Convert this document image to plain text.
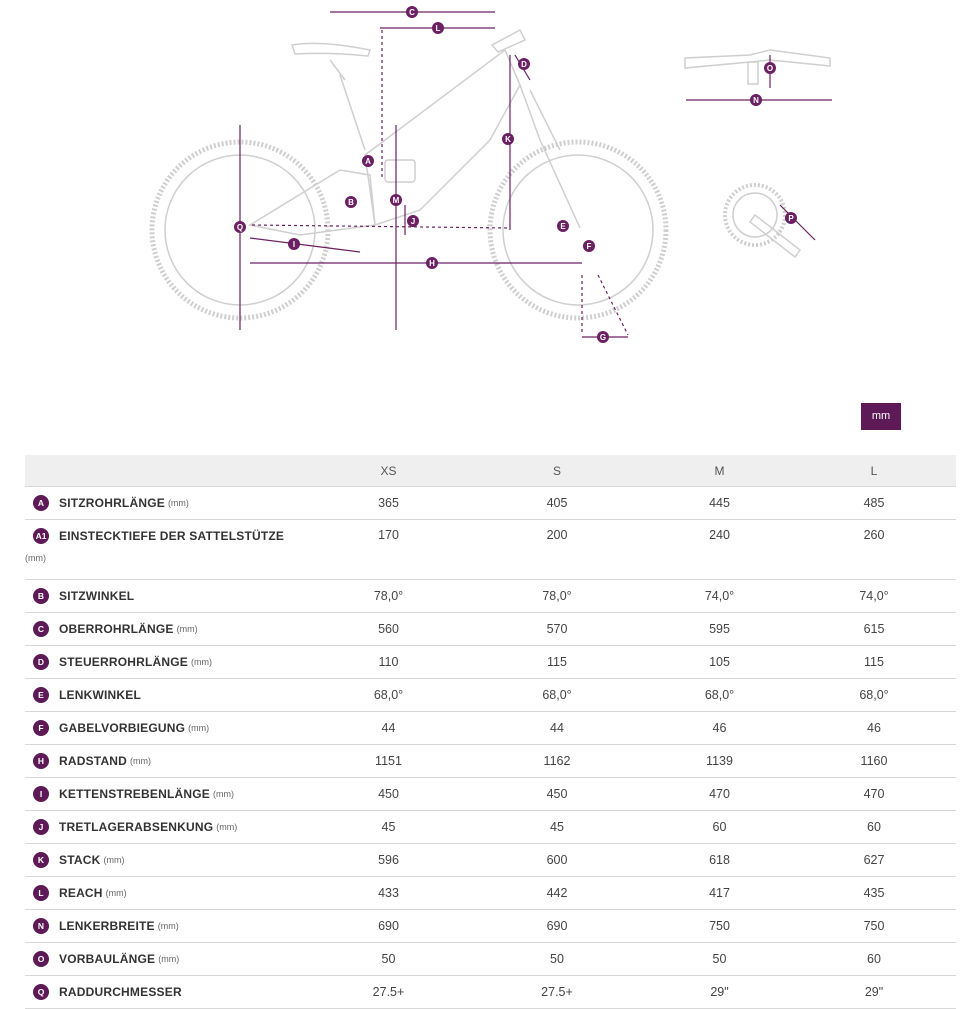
C
L
D	O
N
A
K
B	M
J
Q
I
E
F
H
P
G
mm
	XS	S	M	L
A SITZROHRLÄNGE (mm)	365	405	445	485
A1 EINSTECKTIEFE DER SATTELSTÜTZE
(mm)	170	200	240	260
B SITZWINKEL	78,0°	78,0°	74,0°	74,0°
C OBERROHRLÄNGE (mm)	560	570	595	615
D STEUERROHRLÄNGE (mm)	110	115	105	115
E LENKWINKEL	68,0°	68,0°	68,0°	68,0°
F GABELVORBIEGUNG (mm)	44	44	46	46
H RADSTAND (mm)	1151	1162	1139	1160
I KETTENSTREBENLÄNGE (mm)	450	450	470	470
J TRETLAGERABSENKUNG (mm)	45	45	60	60
K STACK (mm)	596	600	618	627
L REACH (mm)	433	442	417	435
N LENKERBREITE (mm)	690	690	750	750
O VORBAULÄNGE (mm)	50	50	50	60
Q RADDURCHMESSER	27.5+	27.5+	29"	29"
